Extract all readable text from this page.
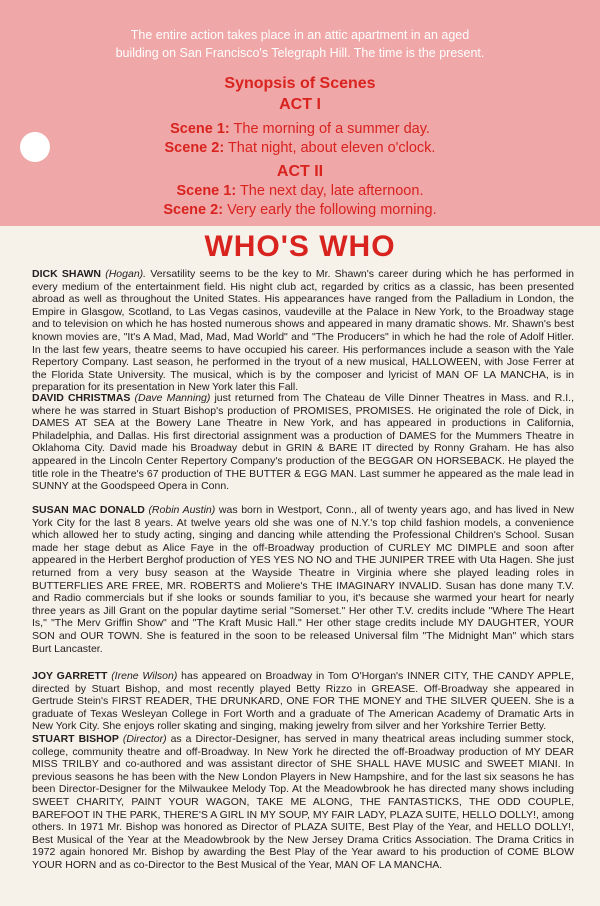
The entire action takes place in an attic apartment in an aged
building on San Francisco's Telegraph Hill. The time is the present.
Synopsis of Scenes
ACT I
Scene 1: The morning of a summer day.
Scene 2: That night, about eleven o'clock.
ACT II
Scene 1: The next day, late afternoon.
Scene 2: Very early the following morning.
WHO'S WHO
DICK SHAWN (Hogan). Versatility seems to be the key to Mr. Shawn's career during which he has performed in every medium of the entertainment field. His night club act, regarded by critics as a classic, has been presented abroad as well as throughout the United States. His appearances have ranged from the Palladium in London, the Empire in Glasgow, Scotland, to Las Vegas casinos, vaudeville at the Palace in New York, to the Broadway stage and to television on which he has hosted numerous shows and appeared in many dramatic shows. Mr. Shawn's best known movies are, "It's A Mad, Mad, Mad, Mad World" and "The Producers" in which he had the role of Adolf Hitler. In the last few years, theatre seems to have occupied his career. His performances include a season with the Yale Repertory Company. Last season, he performed in the tryout of a new musical, HALLOWEEN, with Jose Ferrer at the Florida State University. The musical, which is by the composer and lyricist of MAN OF LA MANCHA, is in preparation for its presentation in New York later this Fall.
DAVID CHRISTMAS (Dave Manning) just returned from The Chateau de Ville Dinner Theatres in Mass. and R.I., where he was starred in Stuart Bishop's production of PROMISES, PROMISES. He originated the role of Dick, in DAMES AT SEA at the Bowery Lane Theatre in New York, and has appeared in productions in California, Philadelphia, and Dallas. His first directorial assignment was a production of DAMES for the Mummers Theatre in Oklahoma City. David made his Broadway debut in GRIN & BARE IT directed by Ronny Graham. He has also appeared in the Lincoln Center Repertory Company's production of the BEGGAR ON HORSEBACK. He played the title role in the Theatre's 67 production of THE BUTTER & EGG MAN. Last summer he appeared as the male lead in SUNNY at the Goodspeed Opera in Conn.
SUSAN MAC DONALD (Robin Austin) was born in Westport, Conn., all of twenty years ago, and has lived in New York City for the last 8 years. At twelve years old she was one of N.Y.'s top child fashion models, a convenience which allowed her to study acting, singing and dancing while attending the Professional Children's School. Susan made her stage debut as Alice Faye in the off-Broadway production of CURLEY MC DIMPLE and soon after appeared in the Herbert Berghof production of YES YES NO NO and THE JUNIPER TREE with Uta Hagen. She just returned from a very busy season at the Wayside Theatre in Virginia where she played leading roles in BUTTERFLIES ARE FREE, MR. ROBERTS and Moliere's THE IMAGINARY INVALID. Susan has done many T.V. and Radio commercials but if she looks or sounds familiar to you, it's because she warmed your heart for nearly three years as Jill Grant on the popular daytime serial "Somerset." Her other T.V. credits include "Where The Heart Is," "The Merv Griffin Show" and "The Kraft Music Hall." Her other stage credits include MY DAUGHTER, YOUR SON and OUR TOWN. She is featured in the soon to be released Universal film "The Midnight Man" which stars Burt Lancaster.
JOY GARRETT (Irene Wilson) has appeared on Broadway in Tom O'Horgan's INNER CITY, THE CANDY APPLE, directed by Stuart Bishop, and most recently played Betty Rizzo in GREASE. Off-Broadway she appeared in Gertrude Stein's FIRST READER, THE DRUNKARD, ONE FOR THE MONEY and THE SILVER QUEEN. She is a graduate of Texas Wesleyan College in Fort Worth and a graduate of The American Academy of Dramatic Arts in New York City. She enjoys roller skating and singing, making jewelry from silver and her Yorkshire Terrier Betty.
STUART BISHOP (Director) as a Director-Designer, has served in many theatrical areas including summer stock, college, community theatre and off-Broadway. In New York he directed the off-Broadway production of MY DEAR MISS TRILBY and co-authored and was assistant director of SHE SHALL HAVE MUSIC and SWEET MIANI. In previous seasons he has been with the New London Players in New Hampshire, and for the last six seasons he has been Director-Designer for the Milwaukee Melody Top. At the Meadowbrook he has directed many shows including SWEET CHARITY, PAINT YOUR WAGON, TAKE ME ALONG, THE FANTASTICKS, THE ODD COUPLE, BAREFOOT IN THE PARK, THERE'S A GIRL IN MY SOUP, MY FAIR LADY, PLAZA SUITE, HELLO DOLLY!, among others. In 1971 Mr. Bishop was honored as Director of PLAZA SUITE, Best Play of the Year, and HELLO DOLLY!, Best Musical of the Year at the Meadowbrook by the New Jersey Drama Critics Association. The Drama Critics in 1972 again honored Mr. Bishop by awarding the Best Play of the Year award to his production of COME BLOW YOUR HORN and as co-Director to the Best Musical of the Year, MAN OF LA MANCHA.
